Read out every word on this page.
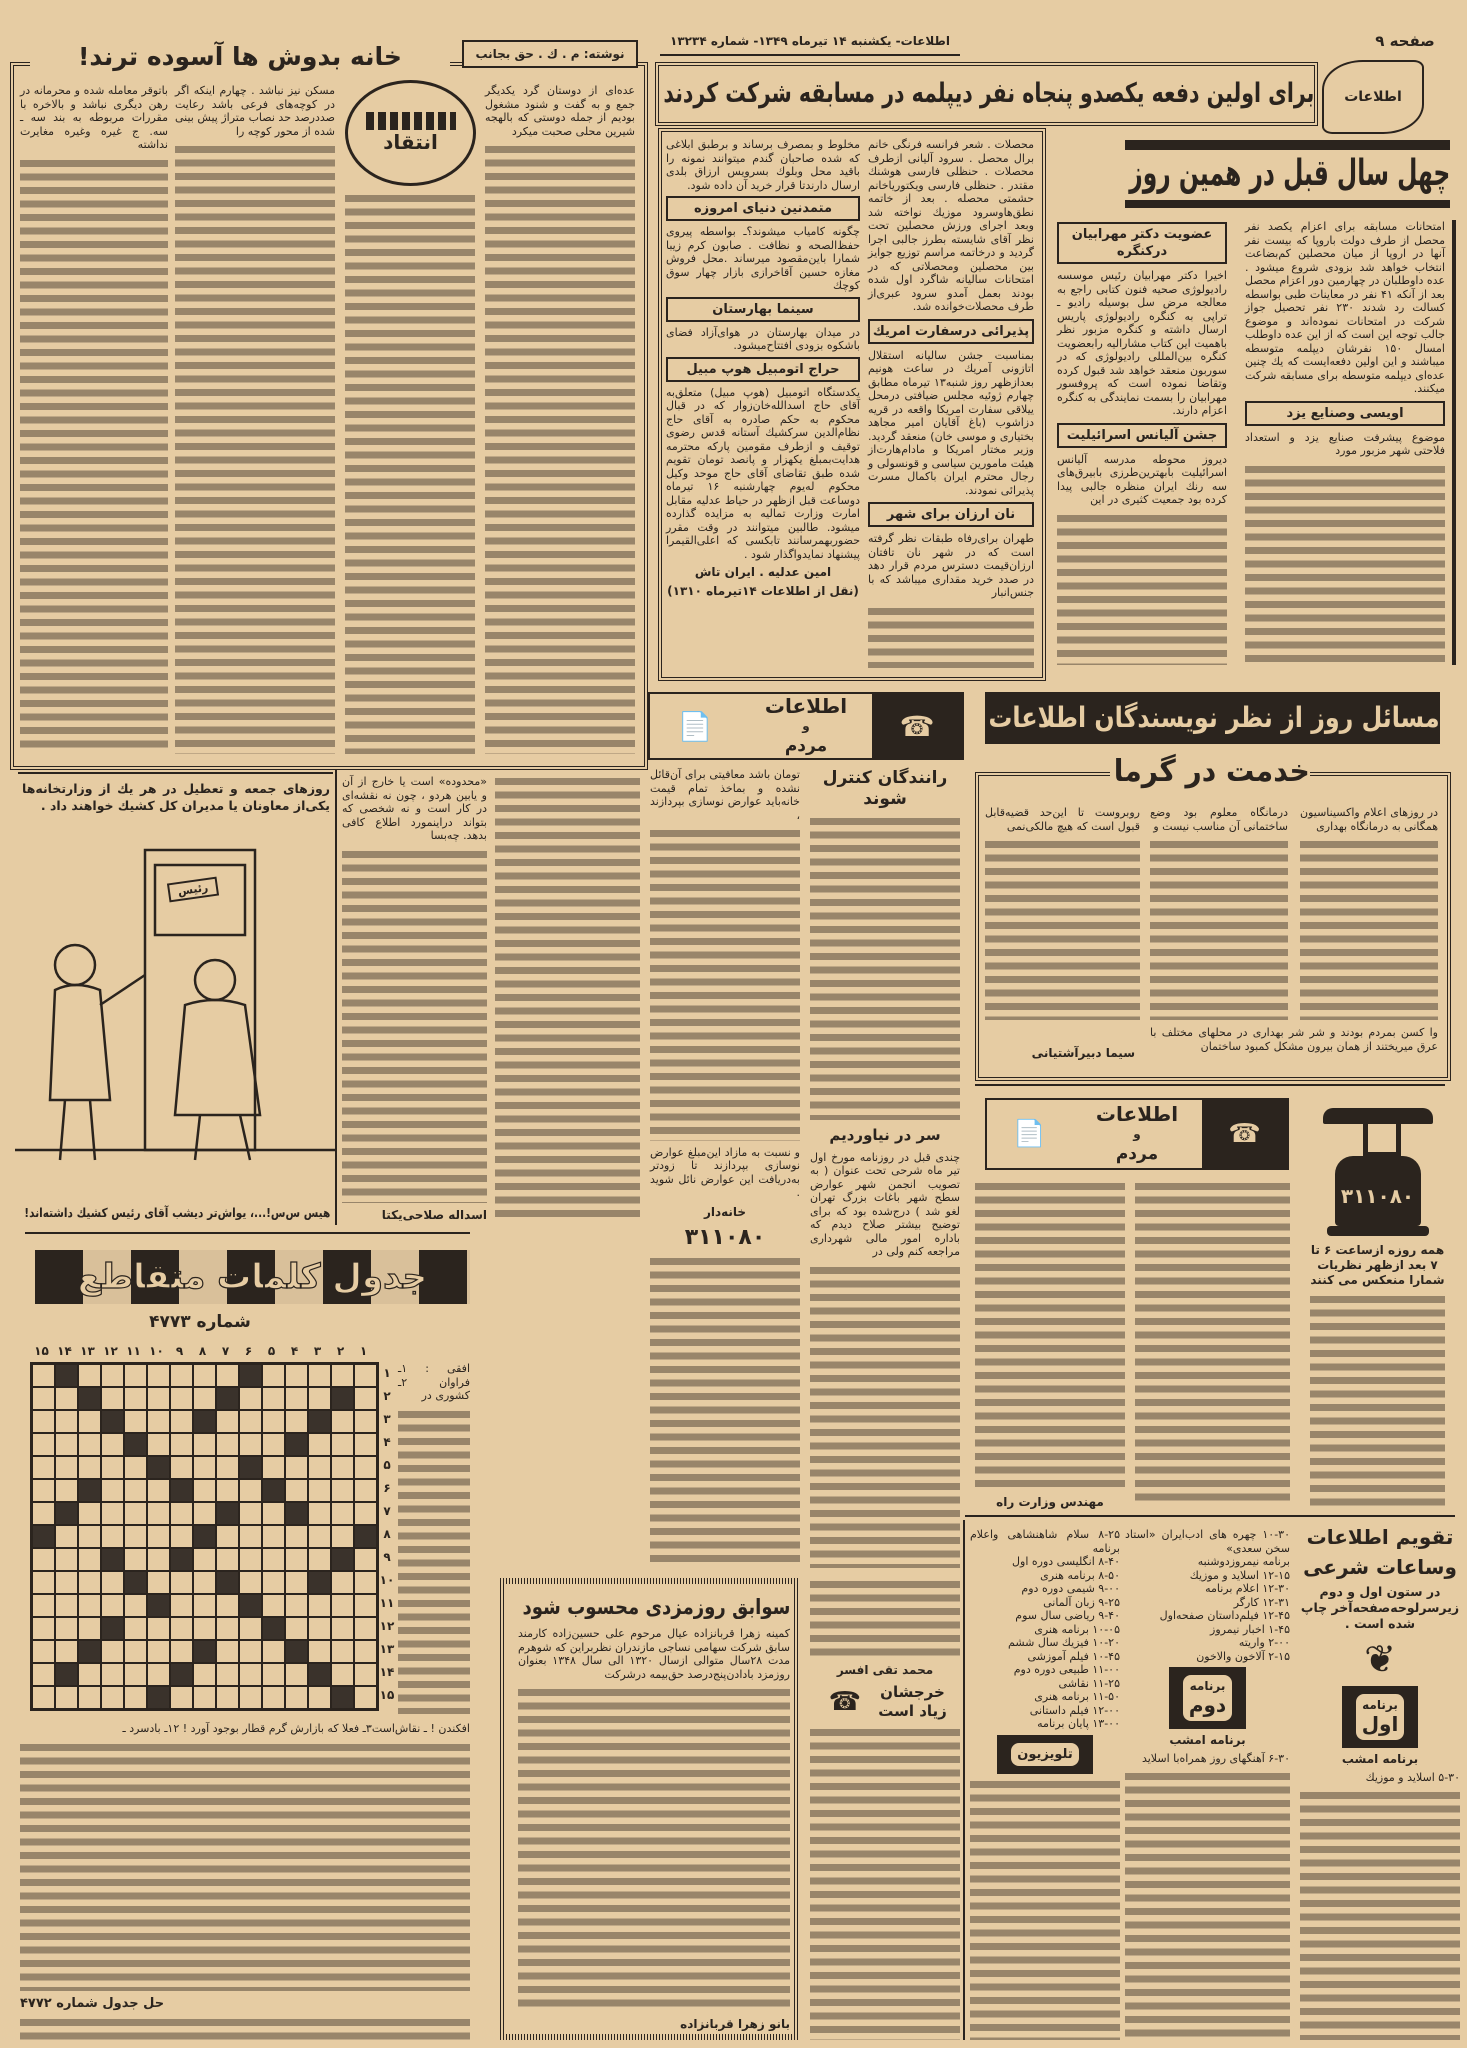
صفحه ۹
اطلاعات- یکشنبه ۱۴ تیرماه ۱۳۴۹- شماره ۱۳۲۳۴
برای اولین دفعه یکصدو پنجاه نفر دیپلمه در مسابقه شرکت کردند اطلاعات
چهل سال قبل در همین روز
امتحانات مسابقه برای اعزام یکصد نفر محصل از طرف دولت باروپا که بیست نفر آنها در اروپا از میان محصلین کم‌بضاعت انتخاب خواهد شد بزودی شروع میشود . عده داوطلبان در چهارمین دور اعزام محصل بعد از آنکه ۴۱ نفر در معاینات طبی بواسطه کسالت رد شدند ۲۳۰ نفر تحصیل جواز شرکت در امتحانات نموده‌اند و موضوع جالب توجه این است که از این عده داوطلب امسال ۱۵۰ نفرشان دیپلمه متوسطه میباشند و این اولین دفعه‌ایست که یك چنین عده‌ای دیپلمه متوسطه برای مسابقه شرکت میکنند.
اویسی وصنایع یزد
موضوع پیشرفت صنایع یزد و استعداد فلاحتی شهر مزبور مورد
عضویت دکتر مهرابیان درکنگره
اخیرا دکتر مهرابیان رئیس موسسه رادیولوژی صحیه فنون کتابی راجع به معالجه مرض سل بوسیله رادیو ـ تراپی به کنگره رادیولوژی پاریس ارسال داشته و کنگره مزبور نظر باهمیت این کتاب مشارالیه رابعضویت کنگره بین‌المللی رادیولوژی که در سوربون منعقد خواهد شد قبول کرده وتقاضا نموده است که پروفسور مهرابیان را بسمت نمایندگی به کنگره اعزام دارند.
جشن آلیانس اسرائیلیت
دیروز محوطه مدرسه آلیانس اسرائیلیت بابهترین‌طرزی بابیرق‌های سه رنك ایران منظره جالبی پیدا کرده بود جمعیت کثیری در این
محصلات . شعر فرانسه فرنگی خانم برال محصل . سرود آلیانی ازطرف محصلات . حنظلی فارسی هوشنك مقتدر . حنظلی فارسی ویکتوریاخانم حشمتی محصله . بعد از خاتمه نطق‌هاوسرود موزیك نواخته شد وبعد اجرای ورزش محصلین تحت نظر آقای شایسته بطرز جالبی اجرا گردید و درخاتمه مراسم توزیع جوایز بین محصلین ومحصلاتی که در امتحانات سالیانه شاگرد اول شده بودند بعمل آمدو سرود عبری‌از طرف محصلات‌خوانده شد.
پذیرائی درسفارت امریك
بمناسبت جشن سالیانه استقلال اتازونی آمریك در ساعت هونیم بعدازظهر روز شنبه۱۳ تیرماه مطابق چهارم ژوئیه مجلس ضیافتی درمحل ییلاقی سفارت امریکا واقعه در قریه دزاشوب (باغ آقایان امیر مجاهد بختیاری و موسی خان) منعقد گردید. وزیر مختار امریکا و مادام‌هارت‌از هیئت مامورین سیاسی و قونسولی و رجال محترم ایران باکمال مسرت پذیرائی نمودند.
نان ارزان برای شهر
طهران برای‌رفاه طبقات نظر گرفته است که در شهر نان تافتان ارزان‌قیمت دسترس مردم قرار دهد در صدد خرید مقداری میباشد که با جنس‌انبار
مخلوط و بمصرف برساند و برطبق ابلاغی که شده صاحبان گندم میتوانند نمونه را باقید محل وبلوك بسرویس ارزاق بلدی ارسال دارندتا قرار خرید آن داده شود.
متمدنین دنیای امروزه
چگونه کامیاب میشوند؟ـ بواسطه پیروی حفظ‌الصحه و نظافت . صابون کرم زیبا شمارا باین‌مقصود میرساند .محل فروش مغازه حسین آقاخرازی بازار چهار سوق کوچك
سینما بهارستان
در میدان بهارستان در هوای‌آزاد فضای باشکوه بزودی افتتاح‌میشود.
حراج اتومبیل هوپ مبیل
یکدستگاه اتومبیل (هوپ مبیل) متعلق‌به آقای حاج اسدالله‌خان‌زوار که در قبال محکوم به حکم صادره به آقای حاج نظام‌الدین سرکشیك آستانه قدس رضوی توقیف و ازطرف مقومین پارکه محترمه هدایت‌بمبلغ یکهزار و پانصد تومان تقویم شده طبق تقاضای آقای حاج موحد وکیل محکوم له‌یوم چهارشنبه ۱۶ تیرماه دوساعت قبل ازظهر در حیاط عدلیه مقابل امارت وزارت تمالیه به مزایده گذارده میشود. طالبین میتوانند در وقت مقرر حضوربهمرسانند تابکسی که اعلی‌القیمرا پیشنهاد نمایدواگذار شود .
امین عدلیه . ایران تاش
(نقل از اطلاعات ۱۴تیرماه ۱۳۱۰)
خانه بدوش ها آسوده ترند!	نوشته: م . ك . حق بجانب
انتقاد
عده‌ای از دوستان گرد یکدیگر جمع و به گفت و شنود مشغول بودیم از جمله دوستی که بالهجه شیرین محلی صحبت میکرد
مسکن نیز نباشد . چهارم اینکه اگر در کوچه‌های فرعی باشد رعایت صددرصد حد نصاب متراژ پیش بینی شده از محور کوچه را
باتوقر معامله شده و محرمانه در رهن دیگری نباشد و بالاخره با مقررات مربوطه به بند سه ـ سه. ج غیره وغیره مغایرت نداشته
روزهای جمعه و تعطیل در هر یك از وزارتخانه‌ها یکی‌از معاونان یا مدیران کل کشیك خواهند داد .
رئیس
هیس س‌س!...، یواش‌تر دیشب آقای رئیس کشیك داشته‌اند!
«محدوده» است یا خارج از آن و یابین هردو ، چون نه نقشه‌ای در کار است و نه شخصی که بتواند دراینمورد اطلاع کافی بدهد. چه‌بسا
اسداله صلاحی‌یکتا
☎
اطلاعات
و
مردم
📄
رانندگان کنترل شوند
سر در نیاوردیم
چندی قبل در روزنامه مورخ اول تیر ماه شرحی تحت عنوان ( به تصویب انجمن شهر عوارض سطح شهر باغات بزرگ تهران لغو شد ) درج‌شده بود که برای توضیح بیشتر صلاح دیدم که باداره امور مالی شهرداری مراجعه کنم ولی در
تومان باشد معافیتی برای آن‌قائل نشده و بماخذ تمام قیمت خانه‌باید عوارض نوسازی بپردازند ،
و نسبت به مازاد این‌مبلغ عوارض نوسازی بپردازند تا زودتر به‌دریافت این عوارض نائل شوید .
خانه‌دار
۳۱۱۰۸۰
مسائل روز از نظر نویسندگان اطلاعات
خدمت در گرما
در روزهای اعلام واکسیناسیون همگانی به درمانگاه بهداری
درمانگاه معلوم بود وضع ساختمانی آن مناسب نیست و
روبروست تا این‌حد قضیه‌قابل قبول است که هیچ مالکی‌نمی‌
وا کسن بمردم بودند و شر شر بهداری در محلهای مختلف با عرق میریختند از همان بیرون مشکل کمبود ساختمان
سیما دبیرآشتیانی
☎
اطلاعات
و
مردم
📄
۳۱۱۰۸۰
همه روزه ازساعت ۶ تا ۷ بعد ازظهر نظریات شمارا منعکس می کنند
مهندس وزارت راه
جدول کلمات متقاطع
شماره ۴۷۷۳
۱
۲
۳
۴
۵
۶
۷
۸
۹
۱۰
۱۱
۱۲
۱۳
۱۴
۱۵
۱
۲
۳
۴
۵
۶
۷
۸
۹
۱۰
۱۱
۱۲
۱۳
۱۴
۱۵
افقی : ۱ـ فراوان ۲ـ کشوری در
افکندن ! ـ نقاش‌است۳ـ فعلا که بازارش گرم قطار بوجود آورد ! ۱۲ـ بادسرد ـ
حل جدول شماره ۴۷۷۲
سوابق روزمزدی محسوب شود
کمینه زهرا قربانزاده عیال مرحوم علی حسین‌زاده کارمند سابق شرکت سهامی نساجی مازندران نظربراین که شوهرم مدت ۲۸سال متوالی ازسال ۱۳۲۰ الی سال ۱۳۴۸ بعنوان روزمزد بادادن‌پنج‌درصد حق‌بیمه درشرکت
بانو زهرا قربانزاده
محمد تقی افسر
خرجشان زیاد است
☎
تقویم اطلاعات
وساعات شرعی
در ستون اول و دوم زیرسرلوحه‌صفحه‌آخر چاپ شده است .
❦
برنامه
اول
برنامه امشب
۵-۳۰ اسلاید و موزیك
۱۰-۳۰ چهره های ادب‌ایران «استاد سخن سعدی»
برنامه نیمروزدوشنبه
۱۲-۱۵ اسلاید و موزیك
۱۲-۳۰ اعلام برنامه
۱۲-۳۱ کارگر
۱۲-۴۵ فیلم‌داستان صفحه‌اول
۱-۴۵ اخبار نیمروز
۲-۰۰ واریته
۲-۱۵ آلاخون والاخون
برنامه
دوم
برنامه امشب
۶-۳۰ آهنگهای روز همراه‌با اسلاید
۸-۲۵ سلام شاهنشاهی واعلام برنامه
۸-۴۰ انگلیسی دوره اول
۸-۵۰ برنامه هنری
۹-۰۰ شیمی دوره دوم
۹-۲۵ زبان آلمانی
۹-۴۰ ریاضی سال سوم
۱۰-۰۵ برنامه هنری
۱۰-۲۰ فیزیك سال ششم
۱۰-۴۵ فیلم آموزشی
۱۱-۰۰ طبیعی دوره دوم
۱۱-۲۵ نقاشی
۱۱-۵۰ برنامه هنری
۱۲-۰۰ فیلم داستانی
۱۳-۰۰ پایان برنامه
تلویزیون
